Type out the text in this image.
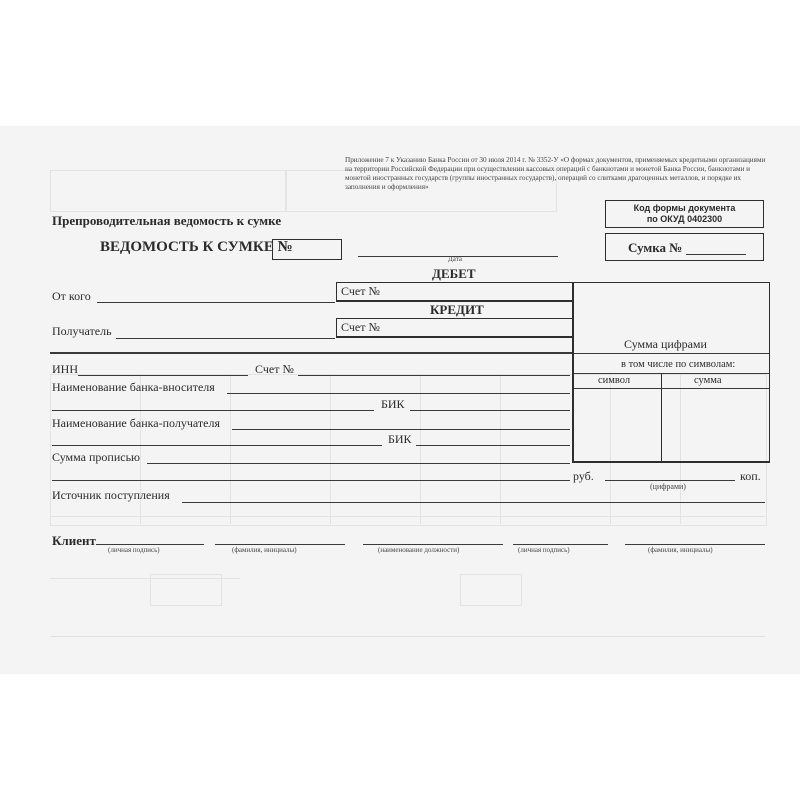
Приложение 7 к Указанию Банка России от 30 июля 2014 г. № 3352-У «О формах документов, применяемых кредитными организациями на территории Российской Федерации при осуществлении кассовых операций с банкнотами и монетой Банка России, банкнотами и монетой иностранных государств (группы иностранных государств), операций со слитками драгоценных металлов, и порядке их заполнения и оформления»
Код формы документа
по ОКУД 0402300
Препроводительная ведомость к сумке
ВЕДОМОСТЬ К СУМКЕ №
Дата
Сумка №
ДЕБЕТ
От кого	Счет №
КРЕДИТ
Получатель	Счет №
ИНН	Счет №
Наименование банка-вносителя
БИК
Наименование банка-получателя
БИК
Сумма прописью
руб.	коп.
(цифрами)
Источник поступления
Сумма цифрами
в том числе по символам:
символ	сумма
Клиент
(личная подпись)	(фамилия, инициалы)	(наименование должности)	(личная подпись)	(фамилия, инициалы)
